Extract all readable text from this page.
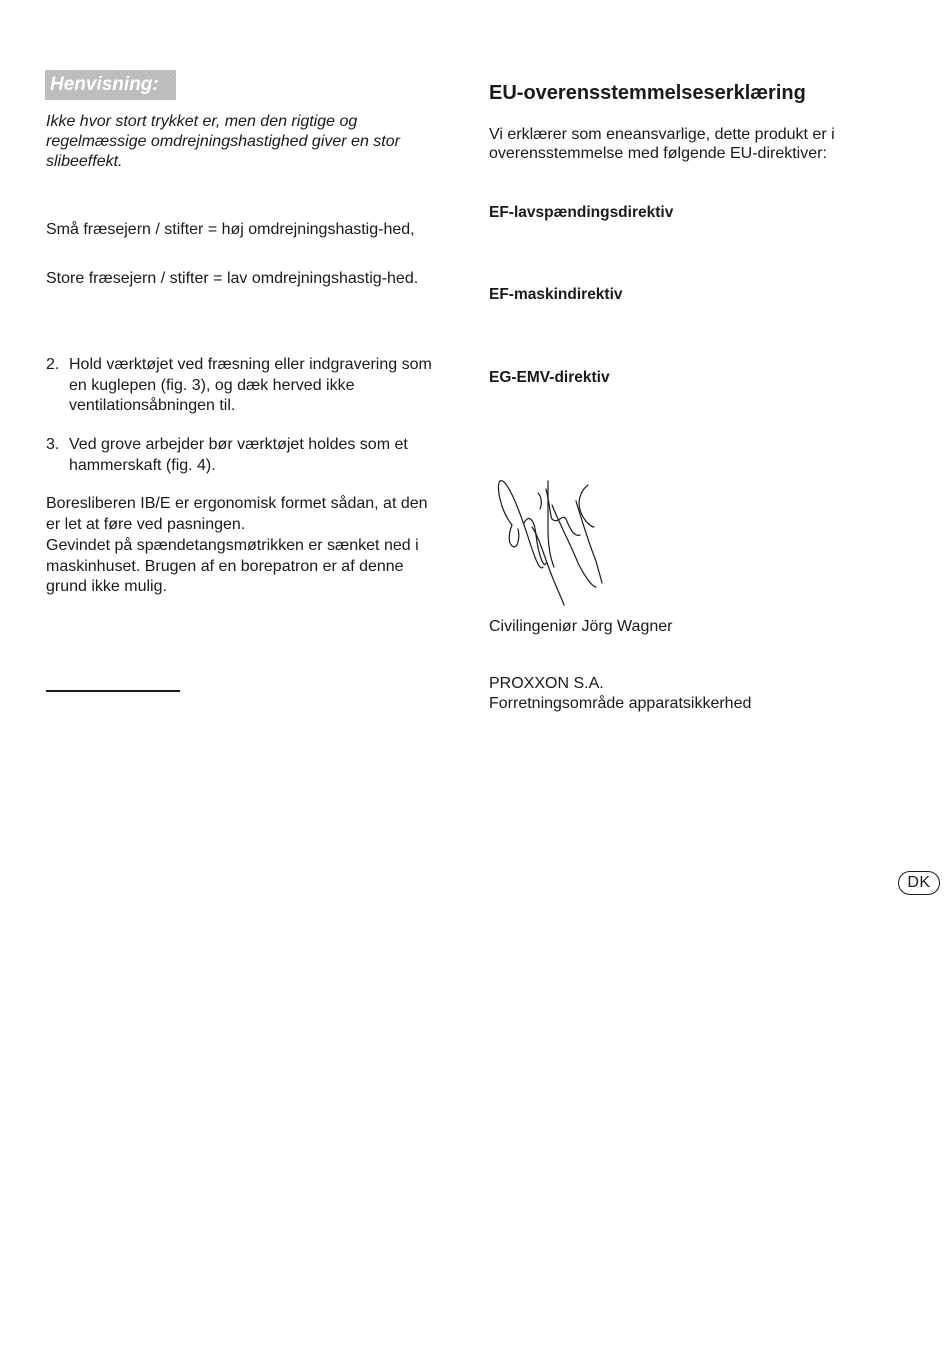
Henvisning:
Ikke hvor stort trykket er, men den rigtige og regelmæssige omdrejningshastighed giver en stor slibeeffekt.

Små fræsejern / stifter = høj omdrejningshastig-hed,

Store fræsejern / stifter = lav omdrejningshastig-hed.

2. Hold værktøjet ved fræsning eller indgravering som en kuglepen (fig. 3), og dæk herved ikke ventilationsåbningen til.
3. Ved grove arbejder bør værktøjet holdes som et hammerskaft (fig. 4).

Boresliberen IB/E er ergonomisk formet sådan, at den er let at føre ved pasningen.

Gevindet på spændetangsmøtrikken er sænket ned i maskinhuset. Brugen af en borepatron er af denne grund ikke mulig.

EU-overensstemmelseserklæring
Vi erklærer som eneansvarlige, dette produkt er i overensstemmelse med følgende EU-direktiver:
EF-lavspændingsdirektiv
EF-maskindirektiv
EG-EMV-direktiv
Civilingeniør Jörg Wagner
PROXXON S.A.
Forretningsområde apparatsikkerhed
DK
